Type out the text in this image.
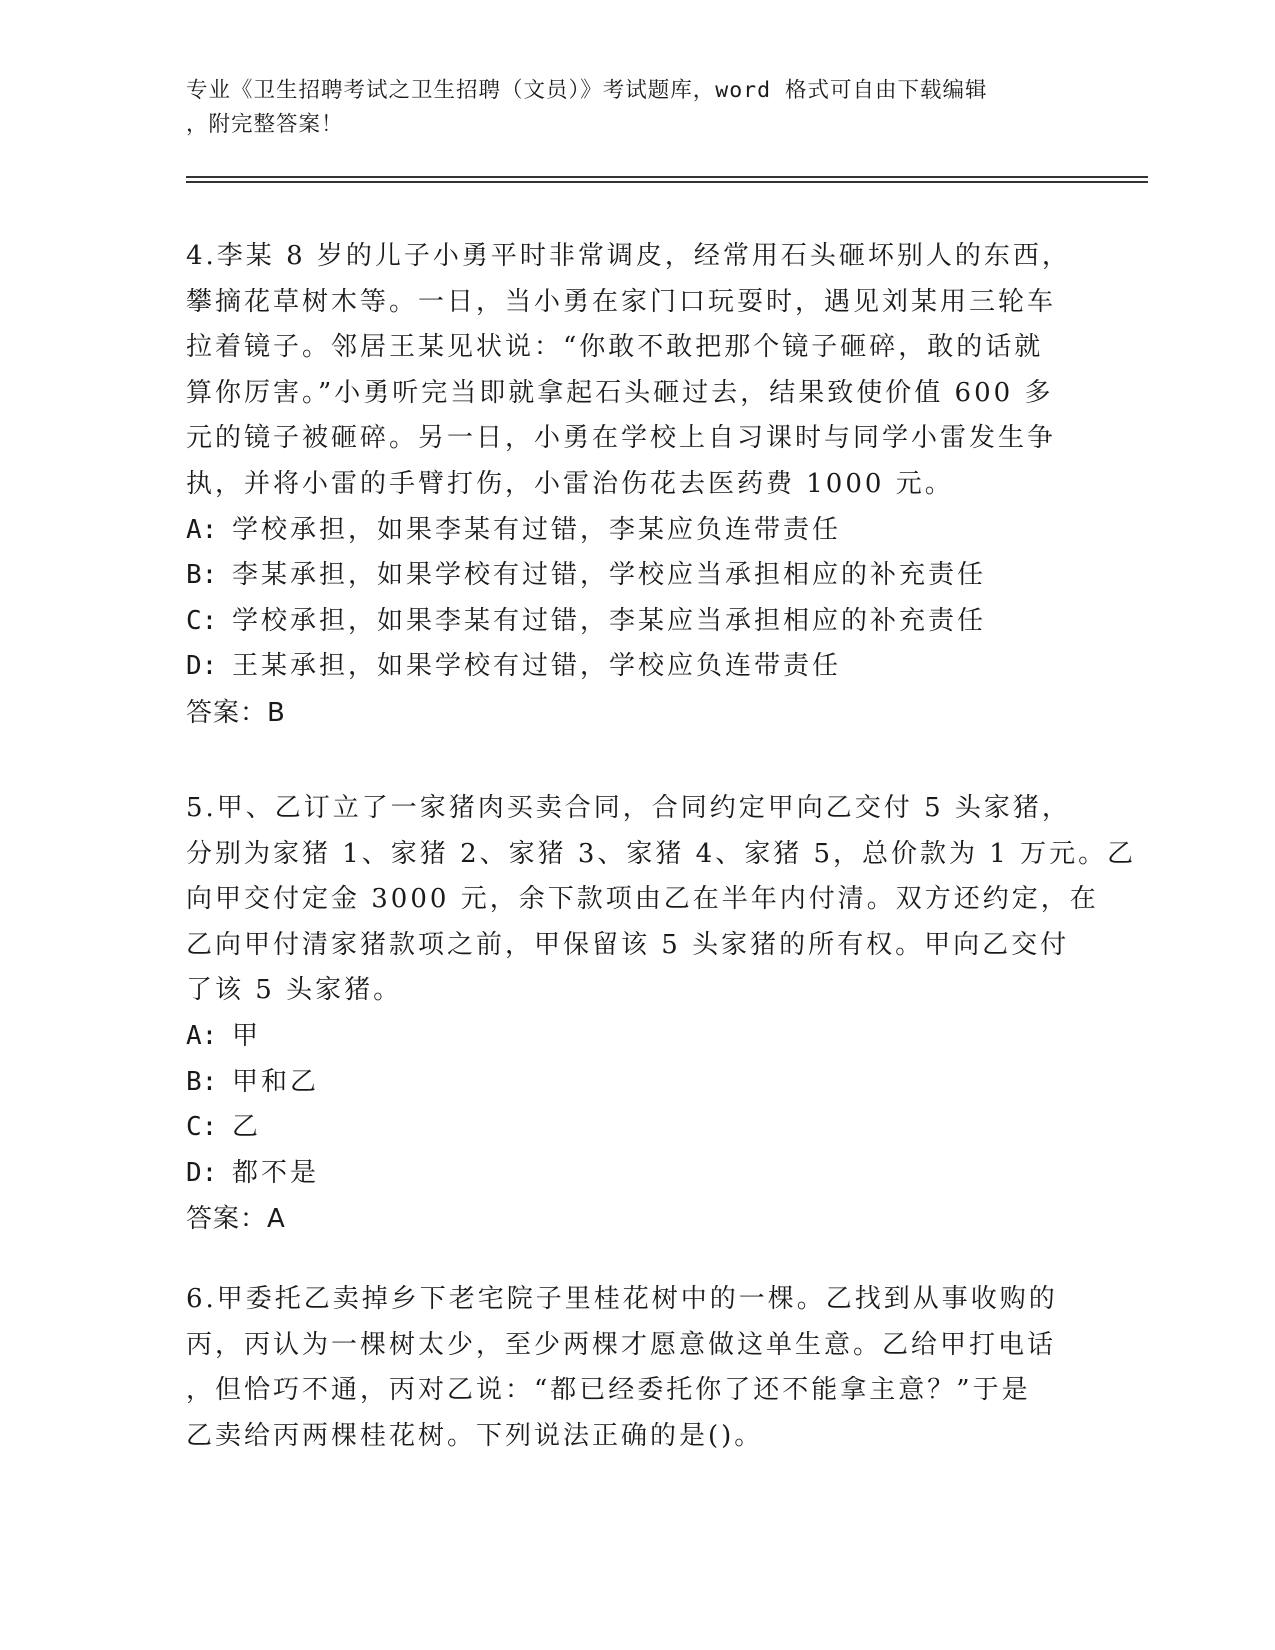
专业《卫生招聘考试之卫生招聘（文员）》考试题库，word 格式可自由下载编辑
，附完整答案！
4.李某 8 岁的儿子小勇平时非常调皮，经常用石头砸坏别人的东西，
攀摘花草树木等。一日，当小勇在家门口玩耍时，遇见刘某用三轮车
拉着镜子。邻居王某见状说：“你敢不敢把那个镜子砸碎，敢的话就
算你厉害。”小勇听完当即就拿起石头砸过去，结果致使价值 600 多
元的镜子被砸碎。另一日，小勇在学校上自习课时与同学小雷发生争
执，并将小雷的手臂打伤，小雷治伤花去医药费 1000 元。
A: 学校承担，如果李某有过错，李某应负连带责任
B: 李某承担，如果学校有过错，学校应当承担相应的补充责任
C: 学校承担，如果李某有过错，李某应当承担相应的补充责任
D: 王某承担，如果学校有过错，学校应负连带责任
答案：B
5.甲、乙订立了一家猪肉买卖合同，合同约定甲向乙交付 5 头家猪，
分别为家猪 1、家猪 2、家猪 3、家猪 4、家猪 5，总价款为 1 万元。乙
向甲交付定金 3000 元，余下款项由乙在半年内付清。双方还约定，在
乙向甲付清家猪款项之前，甲保留该 5 头家猪的所有权。甲向乙交付
了该 5 头家猪。
A: 甲
B: 甲和乙
C: 乙
D: 都不是
答案：A
6.甲委托乙卖掉乡下老宅院子里桂花树中的一棵。乙找到从事收购的
丙，丙认为一棵树太少，至少两棵才愿意做这单生意。乙给甲打电话
，但恰巧不通，丙对乙说：“都已经委托你了还不能拿主意？”于是
乙卖给丙两棵桂花树。下列说法正确的是()。
